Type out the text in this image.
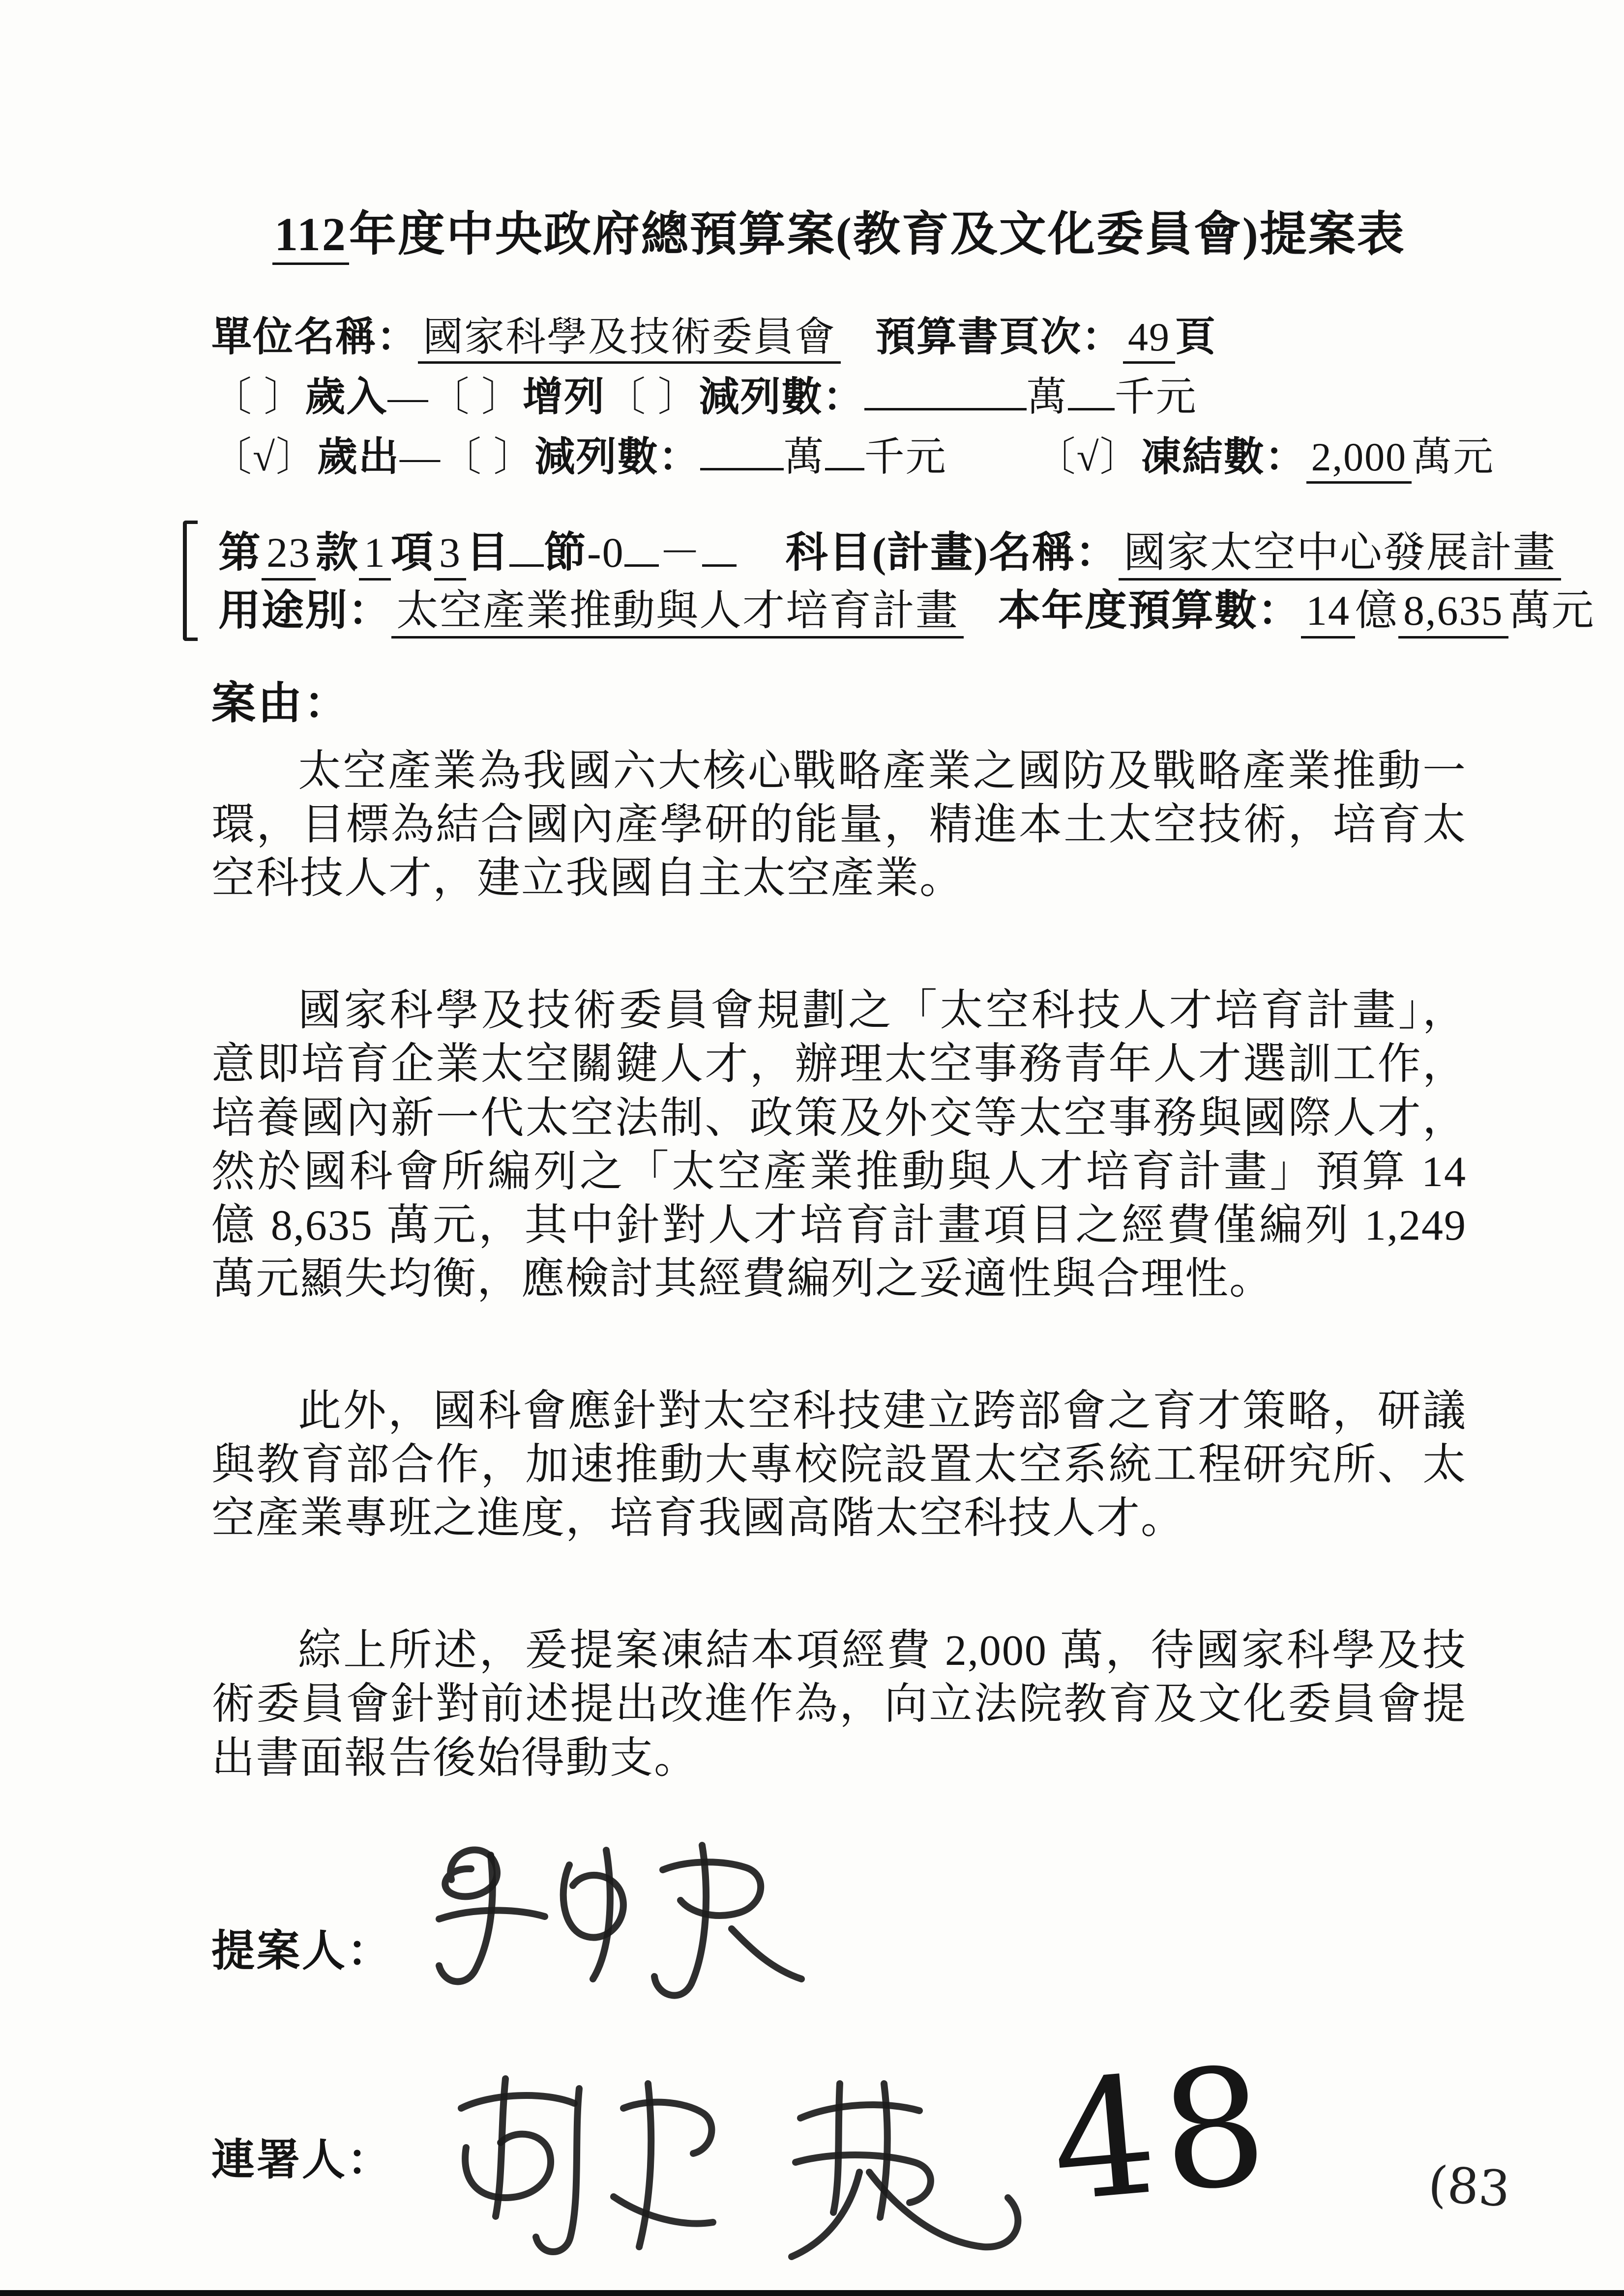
112年度中央政府總預算案(教育及文化委員會)提案表
單位名稱： 國家科學及技術委員會 預算書頁次： 49 頁
〔 〕歲入—〔 〕增列〔 〕減列數：	萬 千元
〔√〕歲出—〔 〕減列數： 萬 千元 〔√〕凍結數： 2,000 萬元
第 23 款 1 項 3 目 節-0 － 科目(計畫)名稱： 國家太空中心發展計畫
用途別： 太空產業推動與人才培育計畫 本年度預算數： 14 億 8,635 萬元
案由：

太空產業為我國六大核心戰略產業之國防及戰略產業推動一環，目標為結合國內產學研的能量，精進本土太空技術，培育太空科技人才，建立我國自主太空產業。

國家科學及技術委員會規劃之「太空科技人才培育計畫」，意即培育企業太空關鍵人才，辦理太空事務青年人才選訓工作，培養國內新一代太空法制、政策及外交等太空事務與國際人才，然於國科會所編列之「太空產業推動與人才培育計畫」預算 14 億 8,635 萬元，其中針對人才培育計畫項目之經費僅編列 1,249 萬元顯失均衡，應檢討其經費編列之妥適性與合理性。

此外，國科會應針對太空科技建立跨部會之育才策略，研議與教育部合作，加速推動大專校院設置太空系統工程研究所、太空產業專班之進度，培育我國高階太空科技人才。

綜上所述，爰提案凍結本項經費 2,000 萬，待國家科學及技術委員會針對前述提出改進作為，向立法院教育及文化委員會提出書面報告後始得動支。

提案人：
連署人：	48	(83
